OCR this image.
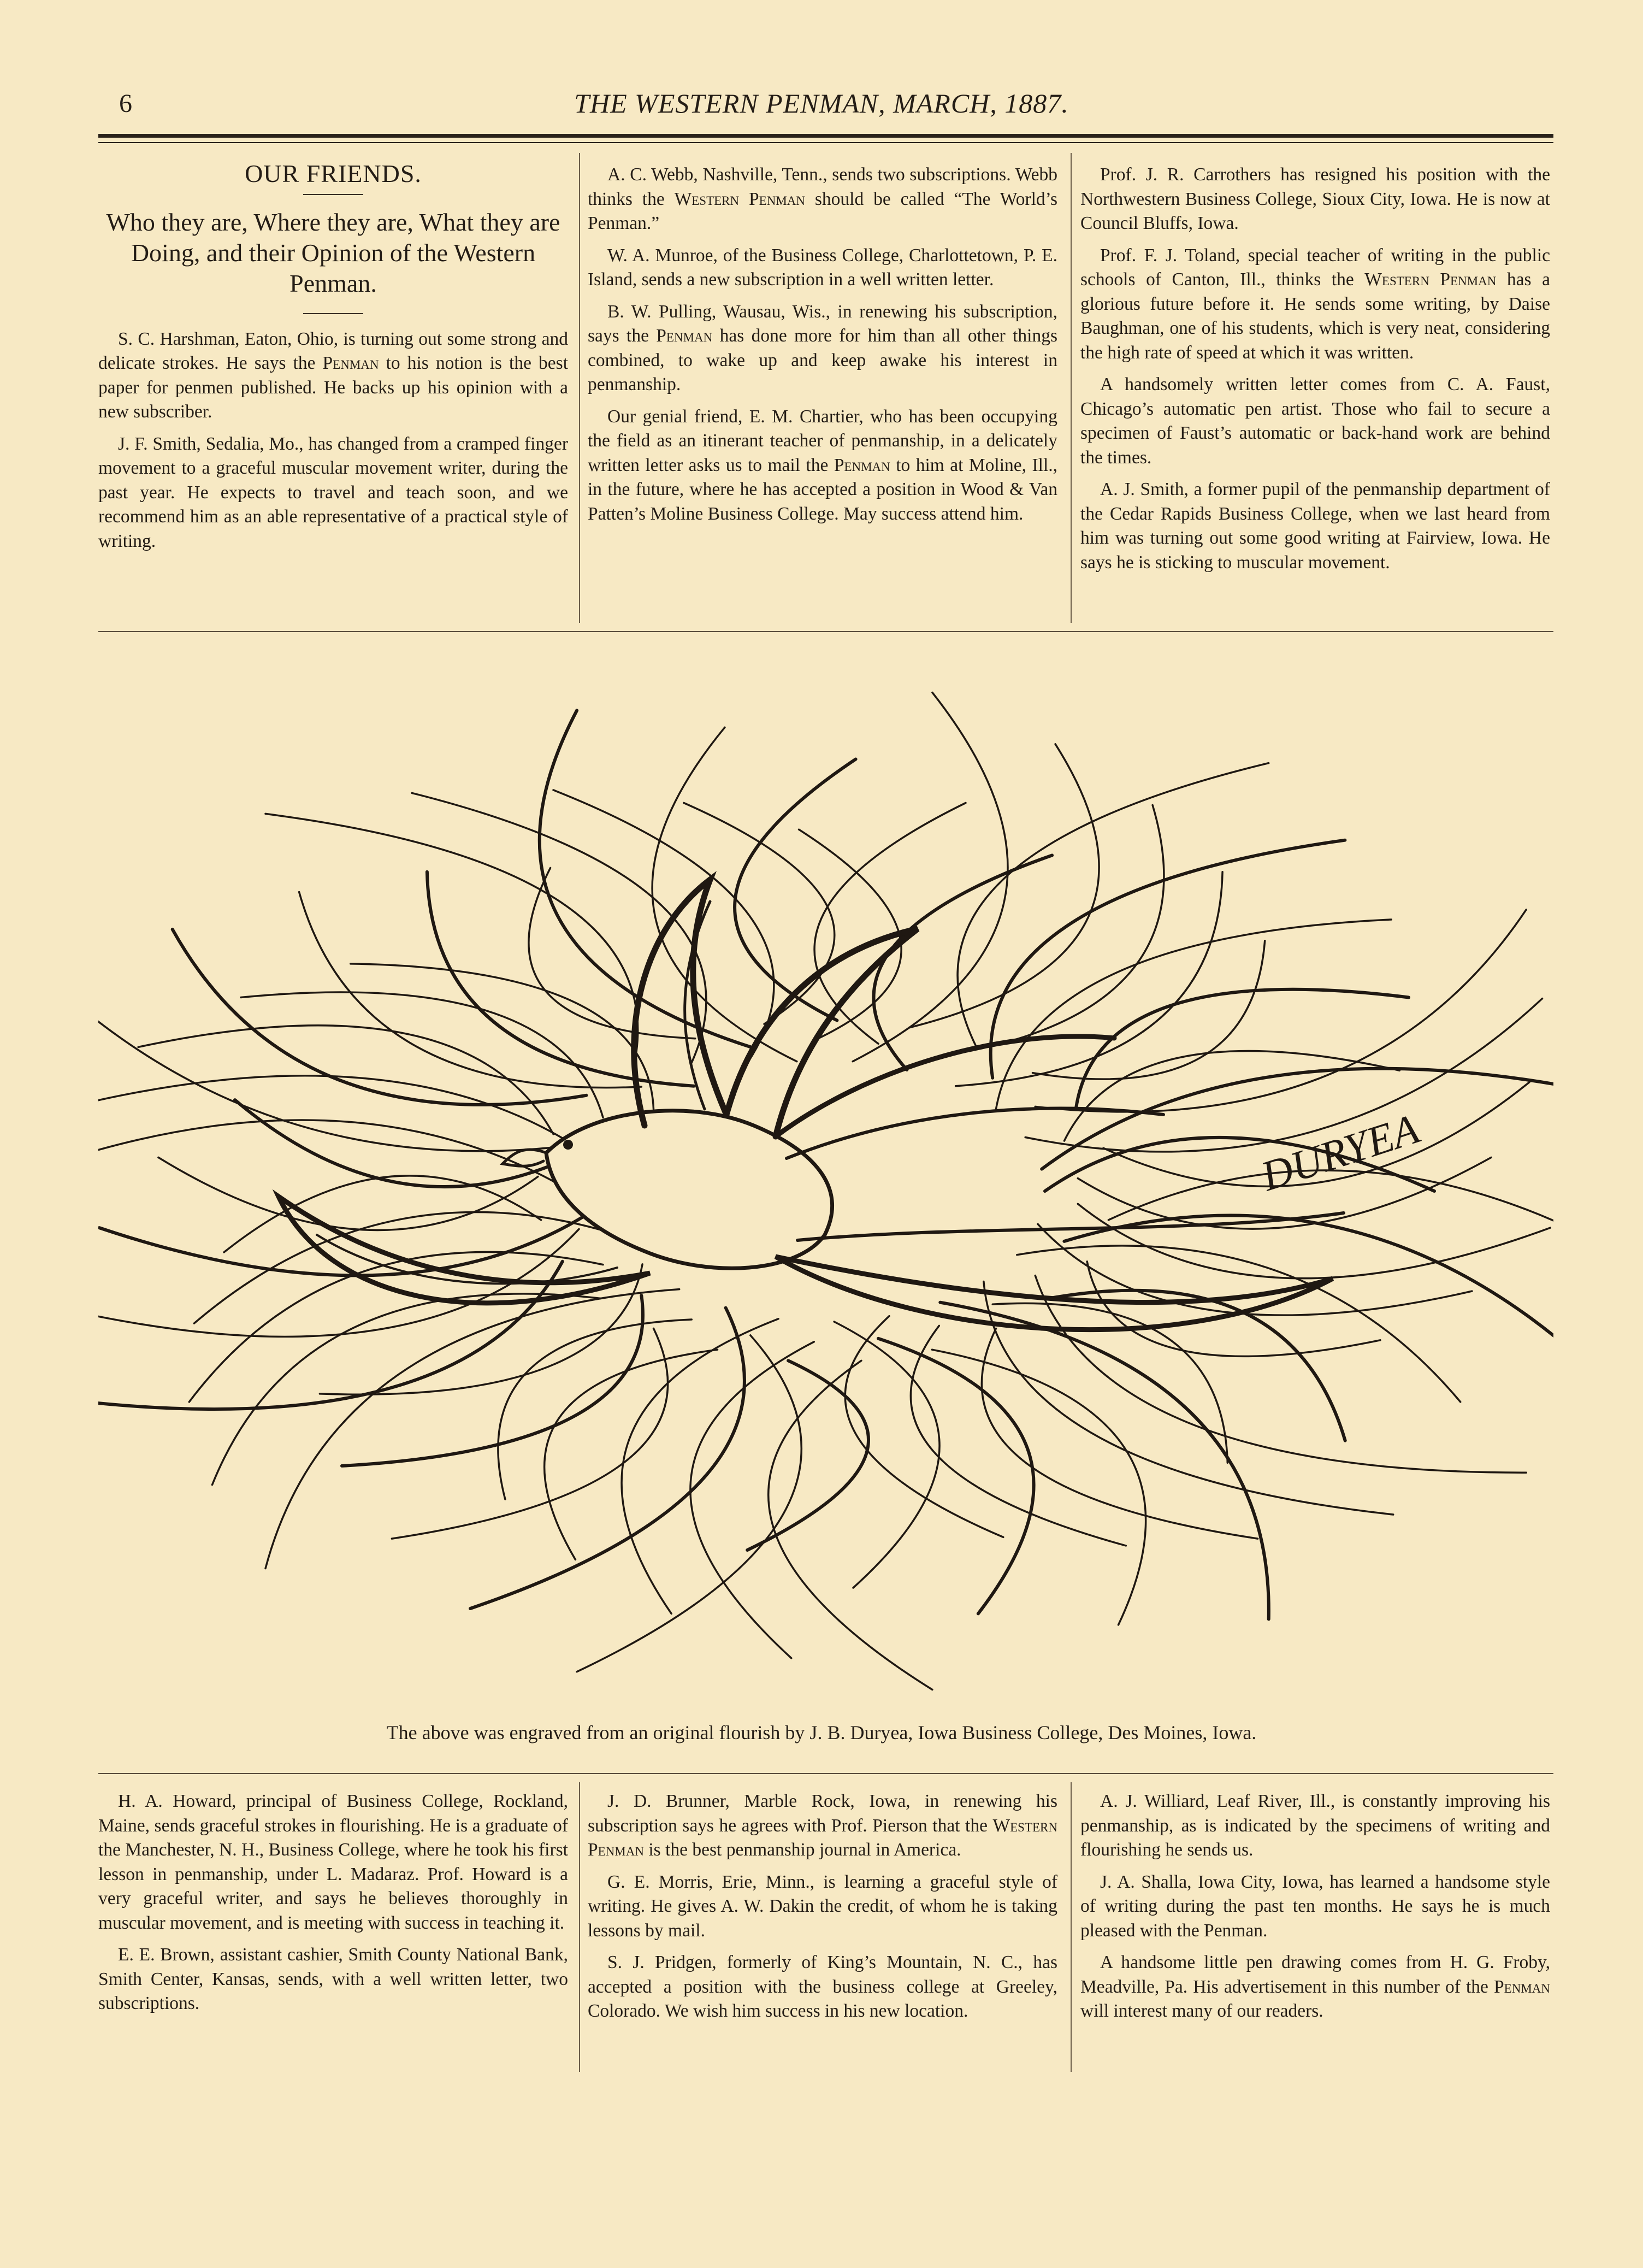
6	THE WESTERN PENMAN, MARCH, 1887.
OUR FRIENDS.
Who they are, Where they are, What they are Doing, and their Opinion of the Western Penman.

S. C. Harshman, Eaton, Ohio, is turning out some strong and delicate strokes. He says the Penman to his notion is the best paper for penmen published. He backs up his opinion with a new subscriber.

J. F. Smith, Sedalia, Mo., has changed from a cramped finger movement to a graceful muscular movement writer, during the past year. He expects to travel and teach soon, and we recommend him as an able representative of a practical style of writing.

A. C. Webb, Nashville, Tenn., sends two subscriptions. Webb thinks the Western Penman should be called “The World’s Penman.”

W. A. Munroe, of the Business College, Charlottetown, P. E. Island, sends a new subscription in a well written letter.

B. W. Pulling, Wausau, Wis., in renewing his subscription, says the Penman has done more for him than all other things combined, to wake up and keep awake his interest in penmanship.

Our genial friend, E. M. Chartier, who has been occupying the field as an itinerant teacher of penmanship, in a delicately written letter asks us to mail the Penman to him at Moline, Ill., in the future, where he has accepted a position in Wood & Van Patten’s Moline Business College. May success attend him.

Prof. J. R. Carrothers has resigned his position with the Northwestern Business College, Sioux City, Iowa. He is now at Council Bluffs, Iowa.

Prof. F. J. Toland, special teacher of writing in the public schools of Canton, Ill., thinks the Western Penman has a glorious future before it. He sends some writing, by Daise Baughman, one of his students, which is very neat, considering the high rate of speed at which it was written.

A handsomely written letter comes from C. A. Faust, Chicago’s automatic pen artist. Those who fail to secure a specimen of Faust’s automatic or back-hand work are behind the times.

A. J. Smith, a former pupil of the penmanship department of the Cedar Rapids Business College, when we last heard from him was turning out some good writing at Fairview, Iowa. He says he is sticking to muscular movement.

DURYEA
The above was engraved from an original flourish by J. B. Duryea, Iowa Business College, Des Moines, Iowa.

H. A. Howard, principal of Business College, Rockland, Maine, sends graceful strokes in flourishing. He is a graduate of the Manchester, N. H., Business College, where he took his first lesson in penmanship, under L. Madaraz. Prof. Howard is a very graceful writer, and says he believes thoroughly in muscular movement, and is meeting with success in teaching it.

E. E. Brown, assistant cashier, Smith County National Bank, Smith Center, Kansas, sends, with a well written letter, two subscriptions.

J. D. Brunner, Marble Rock, Iowa, in renewing his subscription says he agrees with Prof. Pierson that the Western Penman is the best penmanship journal in America.

G. E. Morris, Erie, Minn., is learning a graceful style of writing. He gives A. W. Dakin the credit, of whom he is taking lessons by mail.

S. J. Pridgen, formerly of King’s Mountain, N. C., has accepted a position with the business college at Greeley, Colorado. We wish him success in his new location.

A. J. Williard, Leaf River, Ill., is constantly improving his penmanship, as is indicated by the specimens of writing and flourishing he sends us.

J. A. Shalla, Iowa City, Iowa, has learned a handsome style of writing during the past ten months. He says he is much pleased with the Penman.

A handsome little pen drawing comes from H. G. Froby, Meadville, Pa. His advertisement in this number of the Penman will interest many of our readers.
